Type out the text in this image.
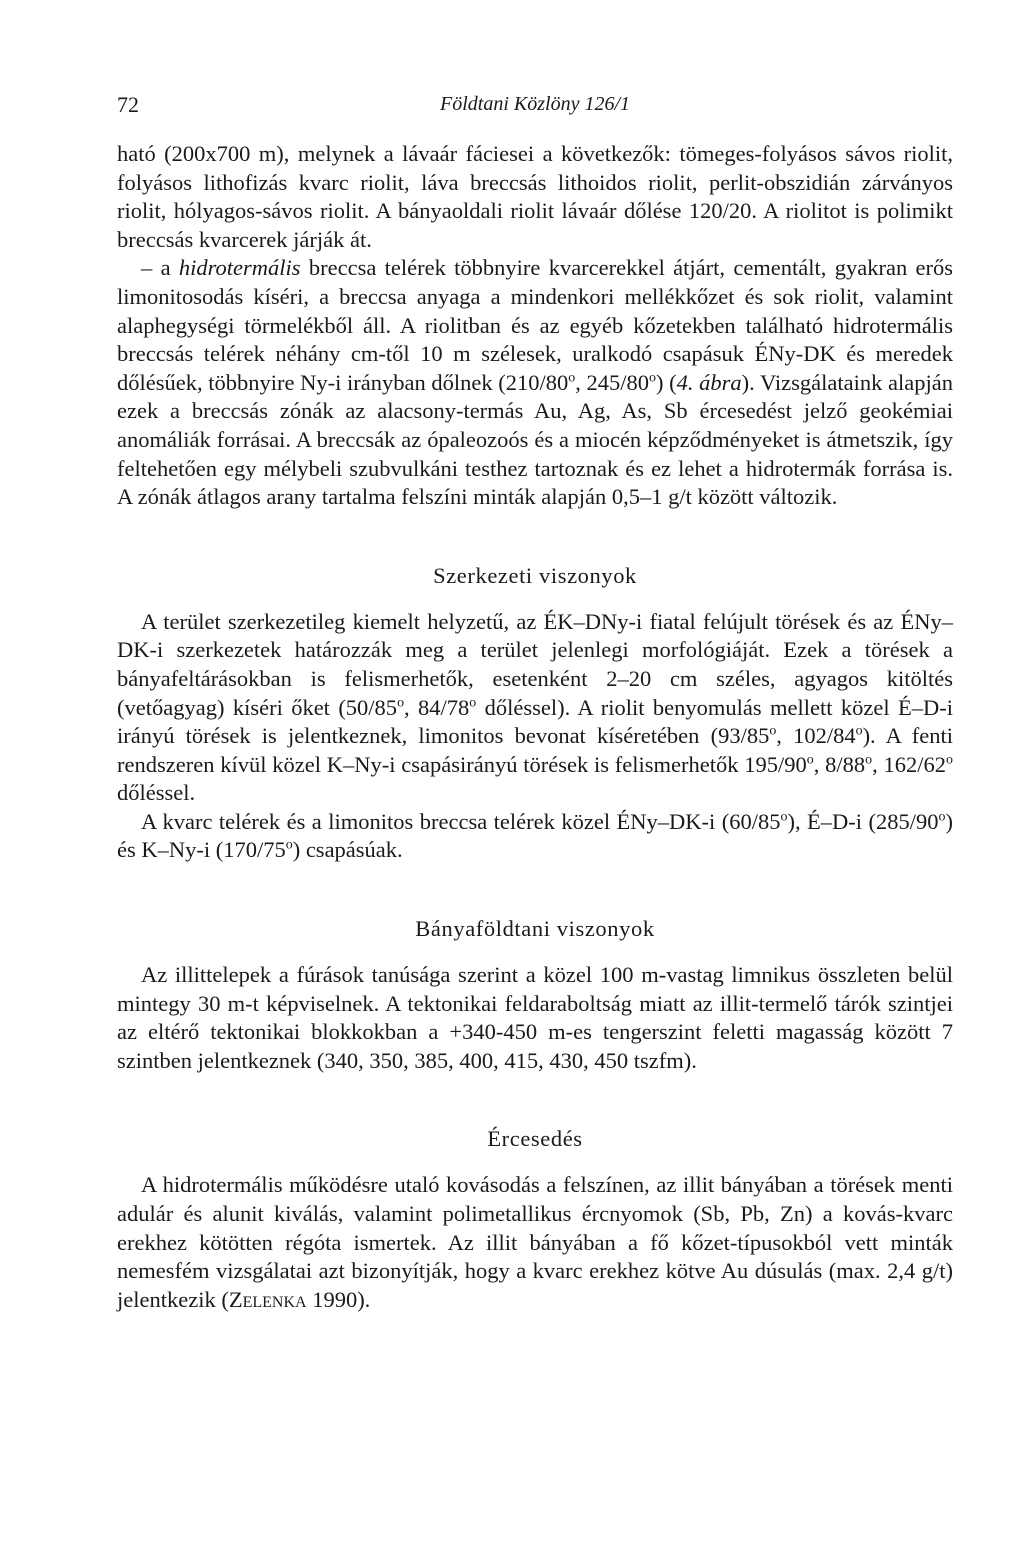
72	Földtani Közlöny 126/1

ható (200x700 m), melynek a lávaár fáciesei a következők: tömeges-folyásos sávos riolit, folyásos lithofizás kvarc riolit, láva breccsás lithoidos riolit, perlit-obszidián zárványos riolit, hólyagos-sávos riolit. A bányaoldali riolit lávaár dőlése 120/20. A riolitot is polimikt breccsás kvarcerek járják át.

– a hidrotermális breccsa telérek többnyire kvarcerekkel átjárt, cementált, gyakran erős limonitosodás kíséri, a breccsa anyaga a mindenkori mellékkőzet és sok riolit, valamint alaphegységi törmelékből áll. A riolitban és az egyéb kőzetekben található hidrotermális breccsás telérek néhány cm-től 10 m szélesek, uralkodó csapásuk ÉNy-DK és meredek dőlésűek, többnyire Ny-i irányban dőlnek (210/80$^o$, 245/80$^o$) (4. ábra). Vizsgálataink alapján ezek a breccsás zónák az alacsony-termás Au, Ag, As, Sb ércesedést jelző geokémiai anomáliák forrásai. A breccsák az ópaleozoós és a miocén képződményeket is átmetszik, így feltehetően egy mélybeli szubvulkáni testhez tartoznak és ez lehet a hidrotermák forrása is. A zónák átlagos arany tartalma felszíni minták alapján 0,5–1 g/t között változik.

Szerkezeti viszonyok

A terület szerkezetileg kiemelt helyzetű, az ÉK–DNy-i fiatal felújult törések és az ÉNy–DK-i szerkezetek határozzák meg a terület jelenlegi morfológiáját. Ezek a törések a bányafeltárásokban is felismerhetők, esetenként 2–20 cm széles, agyagos kitöltés (vetőagyag) kíséri őket (50/85$^o$, 84/78$^o$ dőléssel). A riolit benyomulás mellett közel É–D-i irányú törések is jelentkeznek, limonitos bevonat kíséretében (93/85$^o$, 102/84$^o$). A fenti rendszeren kívül közel K–Ny-i csapásirányú törések is felismerhetők 195/90$^o$, 8/88$^o$, 162/62$^o$ dőléssel.

A kvarc telérek és a limonitos breccsa telérek közel ÉNy–DK-i (60/85$^o$), É–D-i (285/90$^o$) és K–Ny-i (170/75$^o$) csapásúak.

Bányaföldtani viszonyok

Az illittelepek a fúrások tanúsága szerint a közel 100 m-vastag limnikus összleten belül mintegy 30 m-t képviselnek. A tektonikai feldaraboltság miatt az illit-termelő tárók szintjei az eltérő tektonikai blokkokban a +340-450 m-es tengerszint feletti magasság között 7 szintben jelentkeznek (340, 350, 385, 400, 415, 430, 450 tszfm).

Ércesedés

A hidrotermális működésre utaló kovásodás a felszínen, az illit bányában a törések menti adulár és alunit kiválás, valamint polimetallikus ércnyomok (Sb, Pb, Zn) a kovás-kvarc erekhez kötötten régóta ismertek. Az illit bányában a fő kőzet-típusokból vett minták nemesfém vizsgálatai azt bizonyítják, hogy a kvarc erekhez kötve Au dúsulás (max. 2,4 g/t) jelentkezik (Zelenka 1990).
